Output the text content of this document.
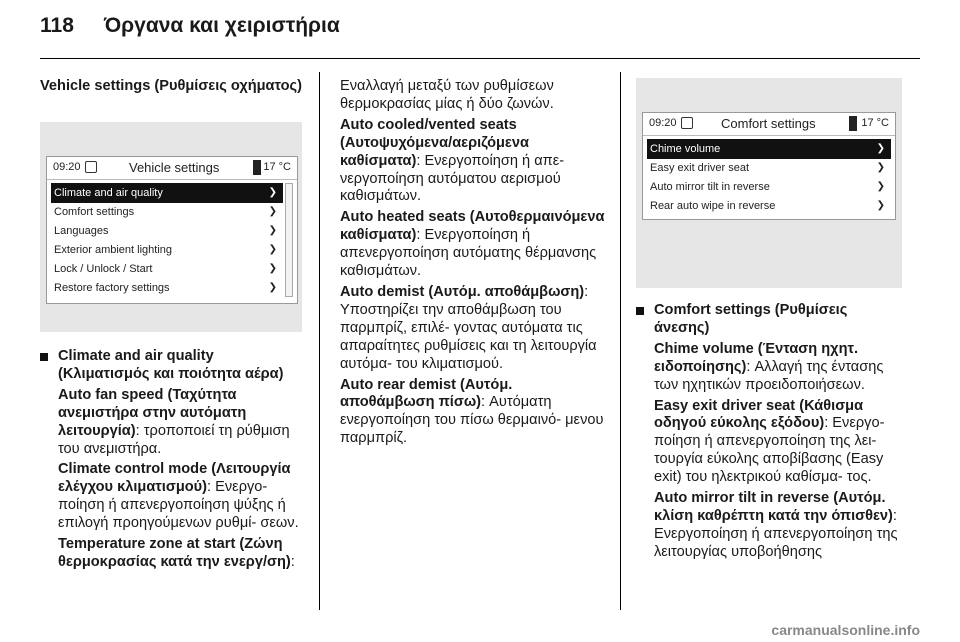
118 Όργανα και χειριστήρια

Vehicle settings (Ρυθμίσεις οχήματος)

09:20	Vehicle settings	17 °C
Climate and air quality	❯
Comfort settings	❯
Languages	❯
Exterior ambient lighting	❯
Lock / Unlock / Start	❯
Restore factory settings	❯

Climate and air quality (Κλιματισμός και ποιότητα αέρα)

Auto fan speed (Ταχύτητα ανεμιστήρα στην αυτόματη λειτουργία): τροποποιεί τη ρύθμιση του ανεμιστήρα.

Climate control mode (Λειτουργία ελέγχου κλιματισμού): Ενεργο- ποίηση ή απενεργοποίηση ψύξης ή επιλογή προηγούμενων ρυθμί- σεων.

Temperature zone at start (Ζώνη θερμοκρασίας κατά την ενεργ/ση):

Εναλλαγή μεταξύ των ρυθμίσεων θερμοκρασίας μίας ή δύο ζωνών.

Auto cooled/vented seats (Αυτοψυχόμενα/αεριζόμενα καθίσματα): Ενεργοποίηση ή απε- νεργοποίηση αυτόματου αερισμού καθισμάτων.

Auto heated seats (Αυτοθερμαινόμενα καθίσματα): Ενεργοποίηση ή απενεργοποίηση αυτόματης θέρμανσης καθισμάτων.

Auto demist (Αυτόμ. αποθάμβωση): Υποστηρίζει την αποθάμβωση του παρμπρίζ, επιλέ- γοντας αυτόματα τις απαραίτητες ρυθμίσεις και τη λειτουργία αυτόμα- του κλιματισμού.

Auto rear demist (Αυτόμ. αποθάμβωση πίσω): Αυτόματη ενεργοποίηση του πίσω θερμαινό- μενου παρμπρίζ.

09:20	Comfort settings	17 °C
Chime volume	❯
Easy exit driver seat	❯
Auto mirror tilt in reverse	❯
Rear auto wipe in reverse	❯

Comfort settings (Ρυθμίσεις άνεσης)

Chime volume (Ένταση ηχητ. ειδοποίησης): Αλλαγή της έντασης των ηχητικών προειδοποιήσεων.

Easy exit driver seat (Κάθισμα οδηγού εύκολης εξόδου): Ενεργο- ποίηση ή απενεργοποίηση της λει- τουργία εύκολης αποβίβασης (Easy exit) του ηλεκτρικού καθίσμα- τος.

Auto mirror tilt in reverse (Αυτόμ. κλίση καθρέπτη κατά την όπισθεν): Ενεργοποίηση ή απενεργοποίηση της λειτουργίας υποβοήθησης

carmanualsonline.info
